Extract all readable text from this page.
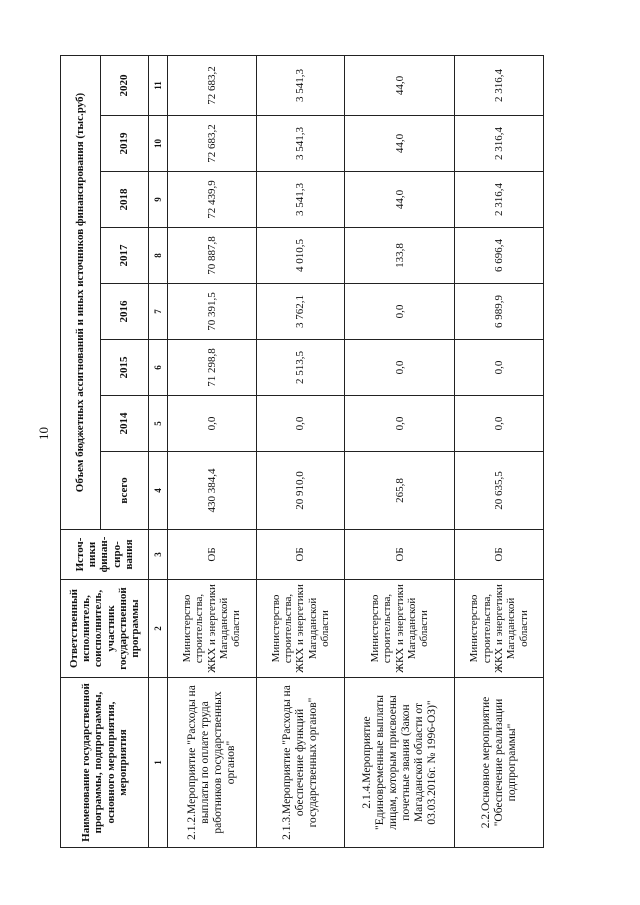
10
Наименование государственной программы, подпрограммы, основного мероприятия, мероприятия	Ответственный исполнитель, соисполнитель, участник государственной программы	Источ-ники финан-сиро-вания	Объем бюджетных ассигнований и иных источников финансирования (тыс.руб)							
			всего	2014	2015	2016	2017	2018	2019	2020
1	2	3	4	5	6	7	8	9	10	11
2.1.2.Мероприятие "Расходы на выплаты по оплате труда работников государственных органов"	Министерство строительства, ЖКХ и энергетики Магаданской области	ОБ	430 384,4	0,0	71 298,8	70 391,5	70 887,8	72 439,9	72 683,2	72 683,2
2.1.3.Мероприятие "Расходы на обеспечение функций государственных органов"	Министерство строительства, ЖКХ и энергетики Магаданской области	ОБ	20 910,0	0,0	2 513,5	3 762,1	4 010,5	3 541,3	3 541,3	3 541,3
2.1.4.Мероприятие "Единовременные выплаты лицам, которым присвоены почетные звания (Закон Магаданской области от 03.03.2016г. № 1996-ОЗ)"	Министерство строительства, ЖКХ и энергетики Магаданской области	ОБ	265,8	0,0	0,0	0,0	133,8	44,0	44,0	44,0
2.2.Основное мероприятие "Обеспечение реализации подпрограммы"	Министерство строительства, ЖКХ и энергетики Магаданской области	ОБ	20 635,5	0,0	0,0	6 989,9	6 696,4	2 316,4	2 316,4	2 316,4
